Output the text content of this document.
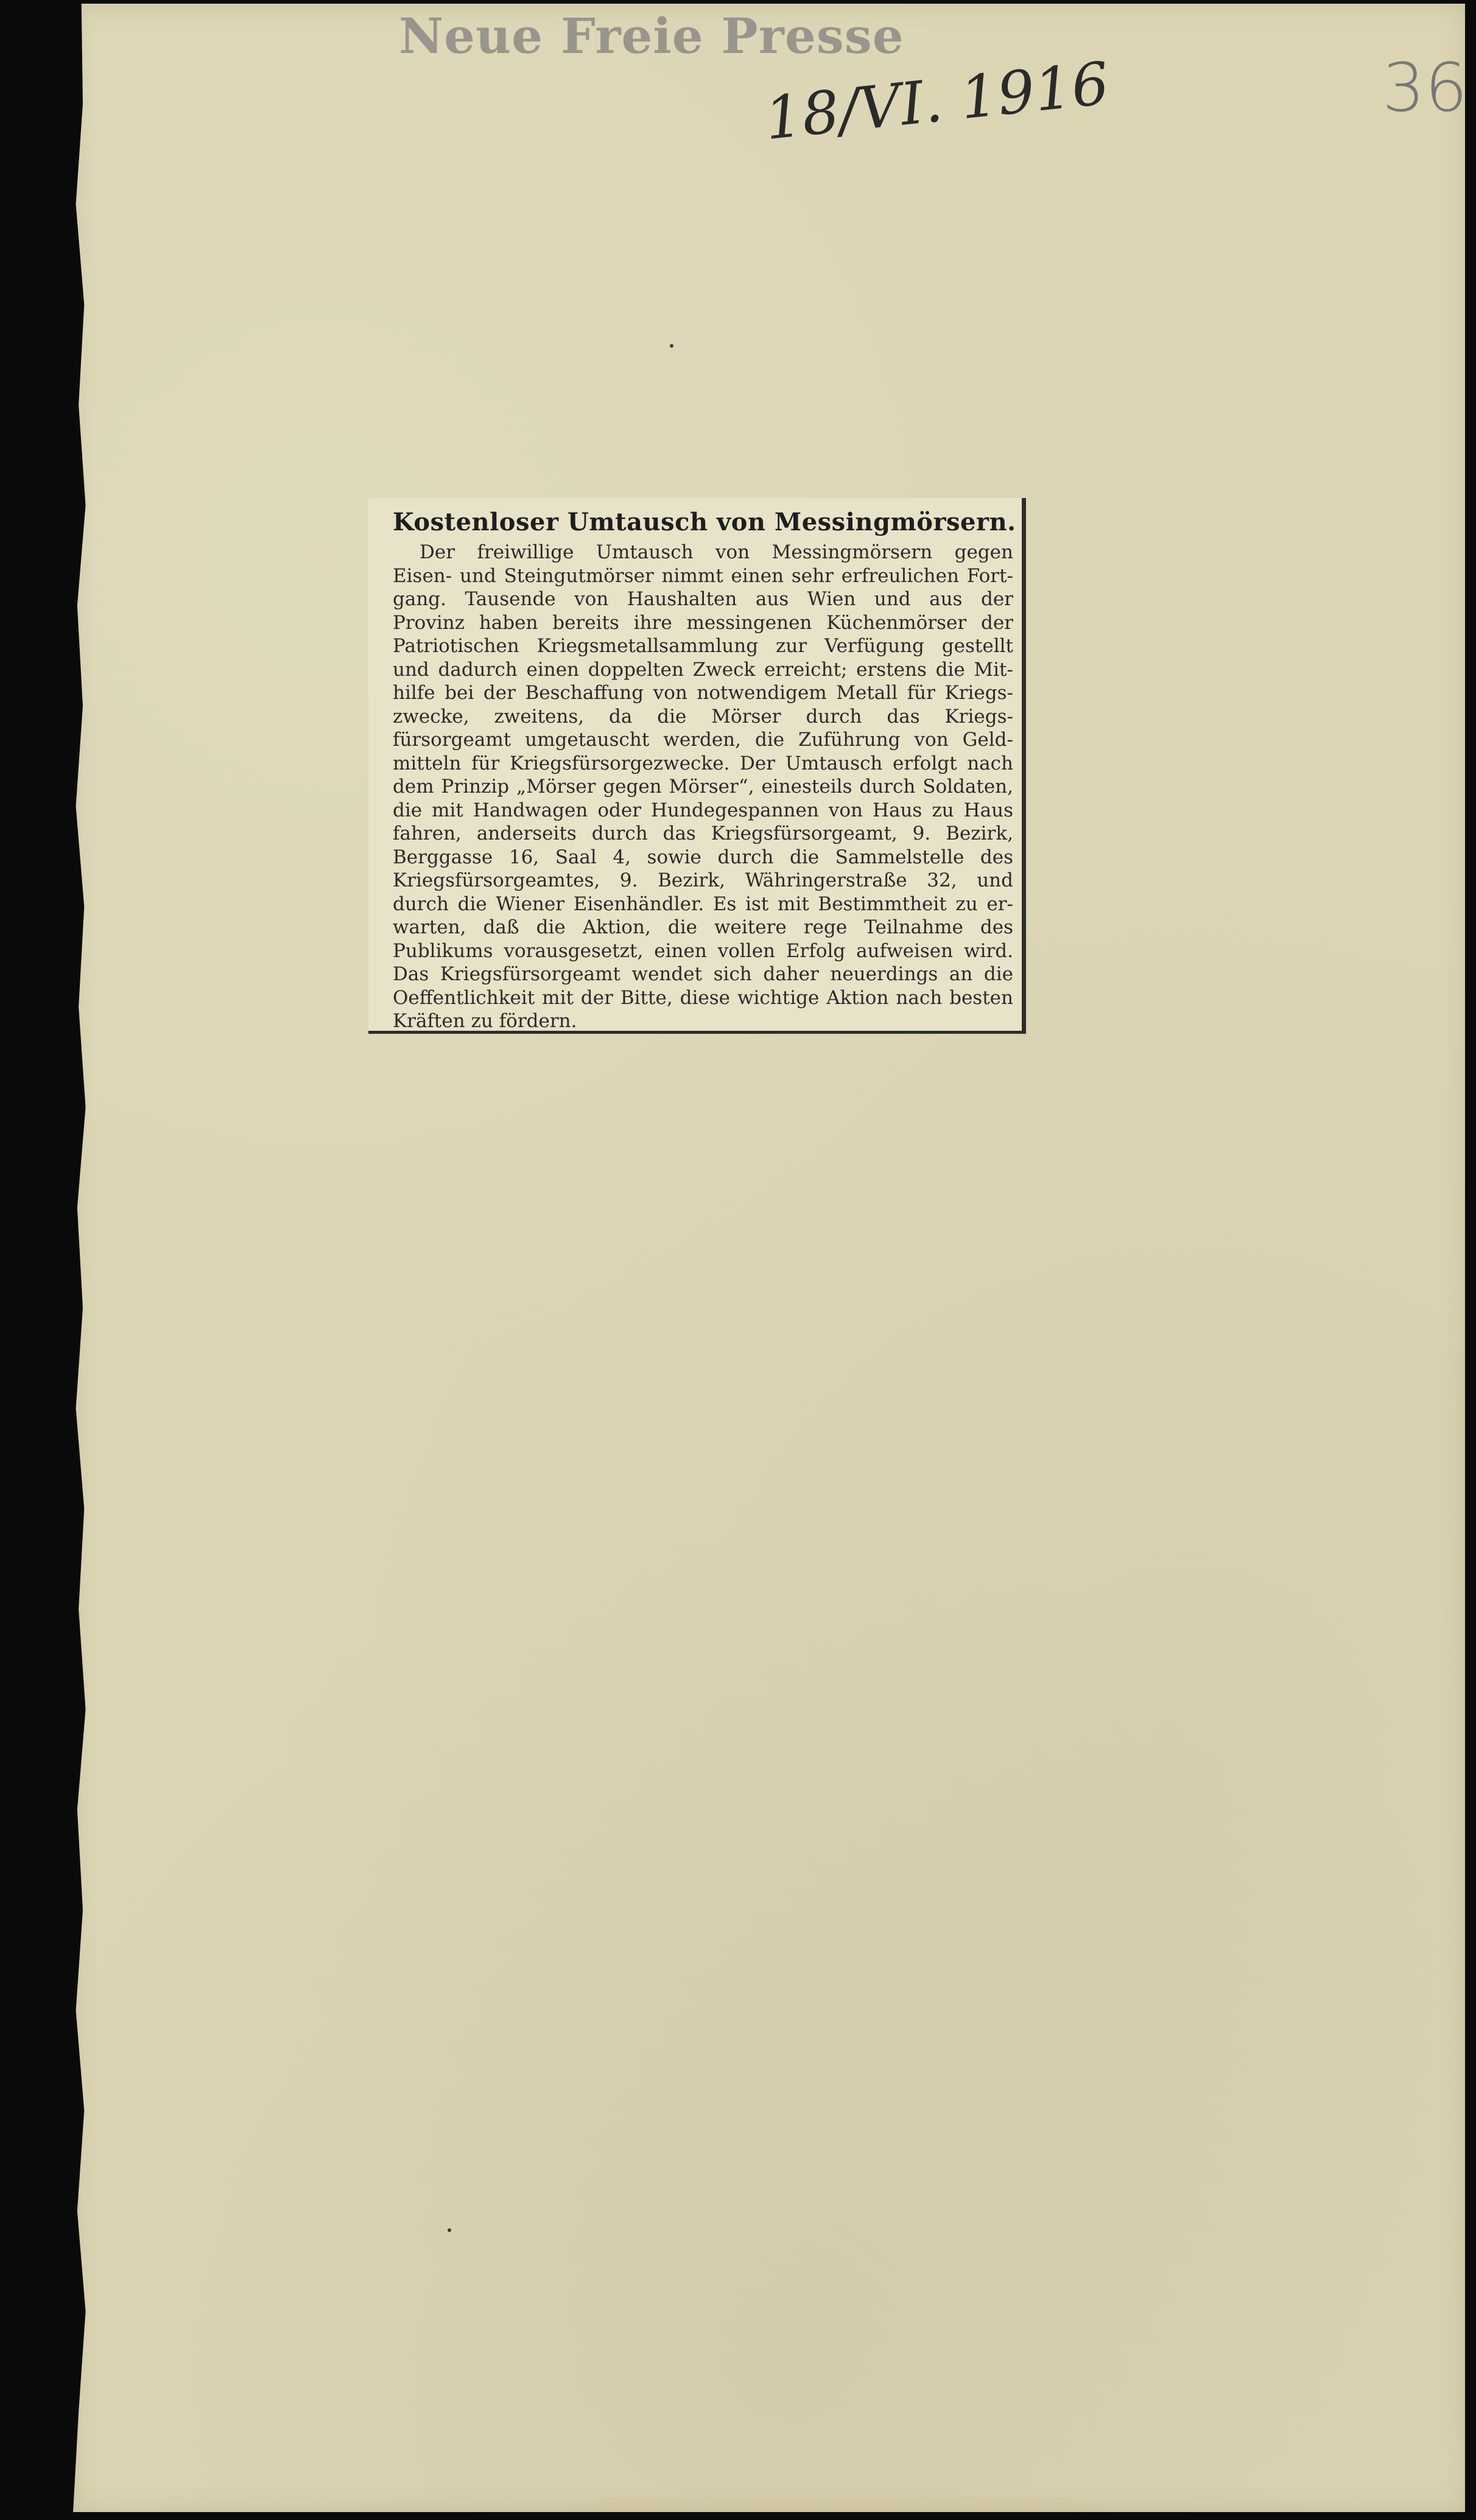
Neue Freie Presse
18/VI. 1916	36
Kostenloser Umtausch von Messingmörsern.
Der freiwillige Umtausch von Messingmörsern gegen
Eisen- und Steingutmörser nimmt einen sehr erfreulichen Fort-
gang. Tausende von Haushalten aus Wien und aus der
Provinz haben bereits ihre messingenen Küchenmörser der
Patriotischen Kriegsmetallsammlung zur Verfügung gestellt
und dadurch einen doppelten Zweck erreicht; erstens die Mit-
hilfe bei der Beschaffung von notwendigem Metall für Kriegs-
zwecke, zweitens, da die Mörser durch das Kriegs-
fürsorgeamt umgetauscht werden, die Zuführung von Geld-
mitteln für Kriegsfürsorgezwecke. Der Umtausch erfolgt nach
dem Prinzip „Mörser gegen Mörser“, einesteils durch Soldaten,
die mit Handwagen oder Hundegespannen von Haus zu Haus
fahren, anderseits durch das Kriegsfürsorgeamt, 9. Bezirk,
Berggasse 16, Saal 4, sowie durch die Sammelstelle des
Kriegsfürsorgeamtes, 9. Bezirk, Währingerstraße 32, und
durch die Wiener Eisenhändler. Es ist mit Bestimmtheit zu er-
warten, daß die Aktion, die weitere rege Teilnahme des
Publikums vorausgesetzt, einen vollen Erfolg aufweisen wird.
Das Kriegsfürsorgeamt wendet sich daher neuerdings an die
Oeffentlichkeit mit der Bitte, diese wichtige Aktion nach besten
Kräften zu fördern.
